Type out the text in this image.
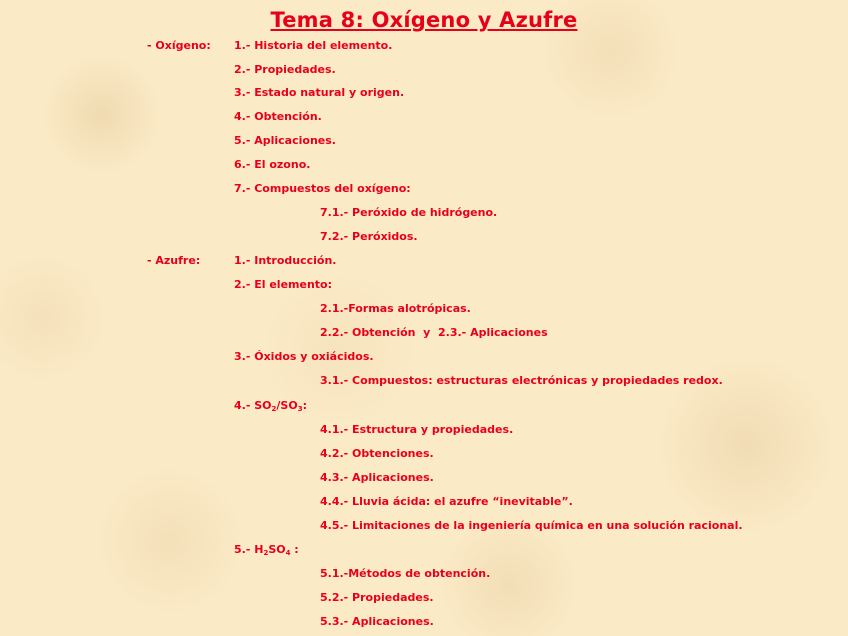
Tema 8: Oxígeno y Azufre
- Oxígeno: 1.- Historia del elemento.
2.- Propiedades.
3.- Estado natural y origen.
4.- Obtención.
5.- Aplicaciones.
6.- El ozono.
7.- Compuestos del oxígeno:
7.1.- Peróxido de hidrógeno.
7.2.- Peróxidos.
- Azufre:	1.- Introducción.
2.- El elemento:
2.1.-Formas alotrópicas.
2.2.- Obtención  y  2.3.- Aplicaciones
3.- Óxidos y oxiácidos.
3.1.- Compuestos: estructuras electrónicas y propiedades redox.
4.- $SO_2/SO_3$:
4.1.- Estructura y propiedades.
4.2.- Obtenciones.
4.3.- Aplicaciones.
4.4.- Lluvia ácida: el azufre “inevitable”.
4.5.- Limitaciones de la ingeniería química en una solución racional.
5.- $H_2SO_4$ :
5.1.-Métodos de obtención.
5.2.- Propiedades.
5.3.- Aplicaciones.
